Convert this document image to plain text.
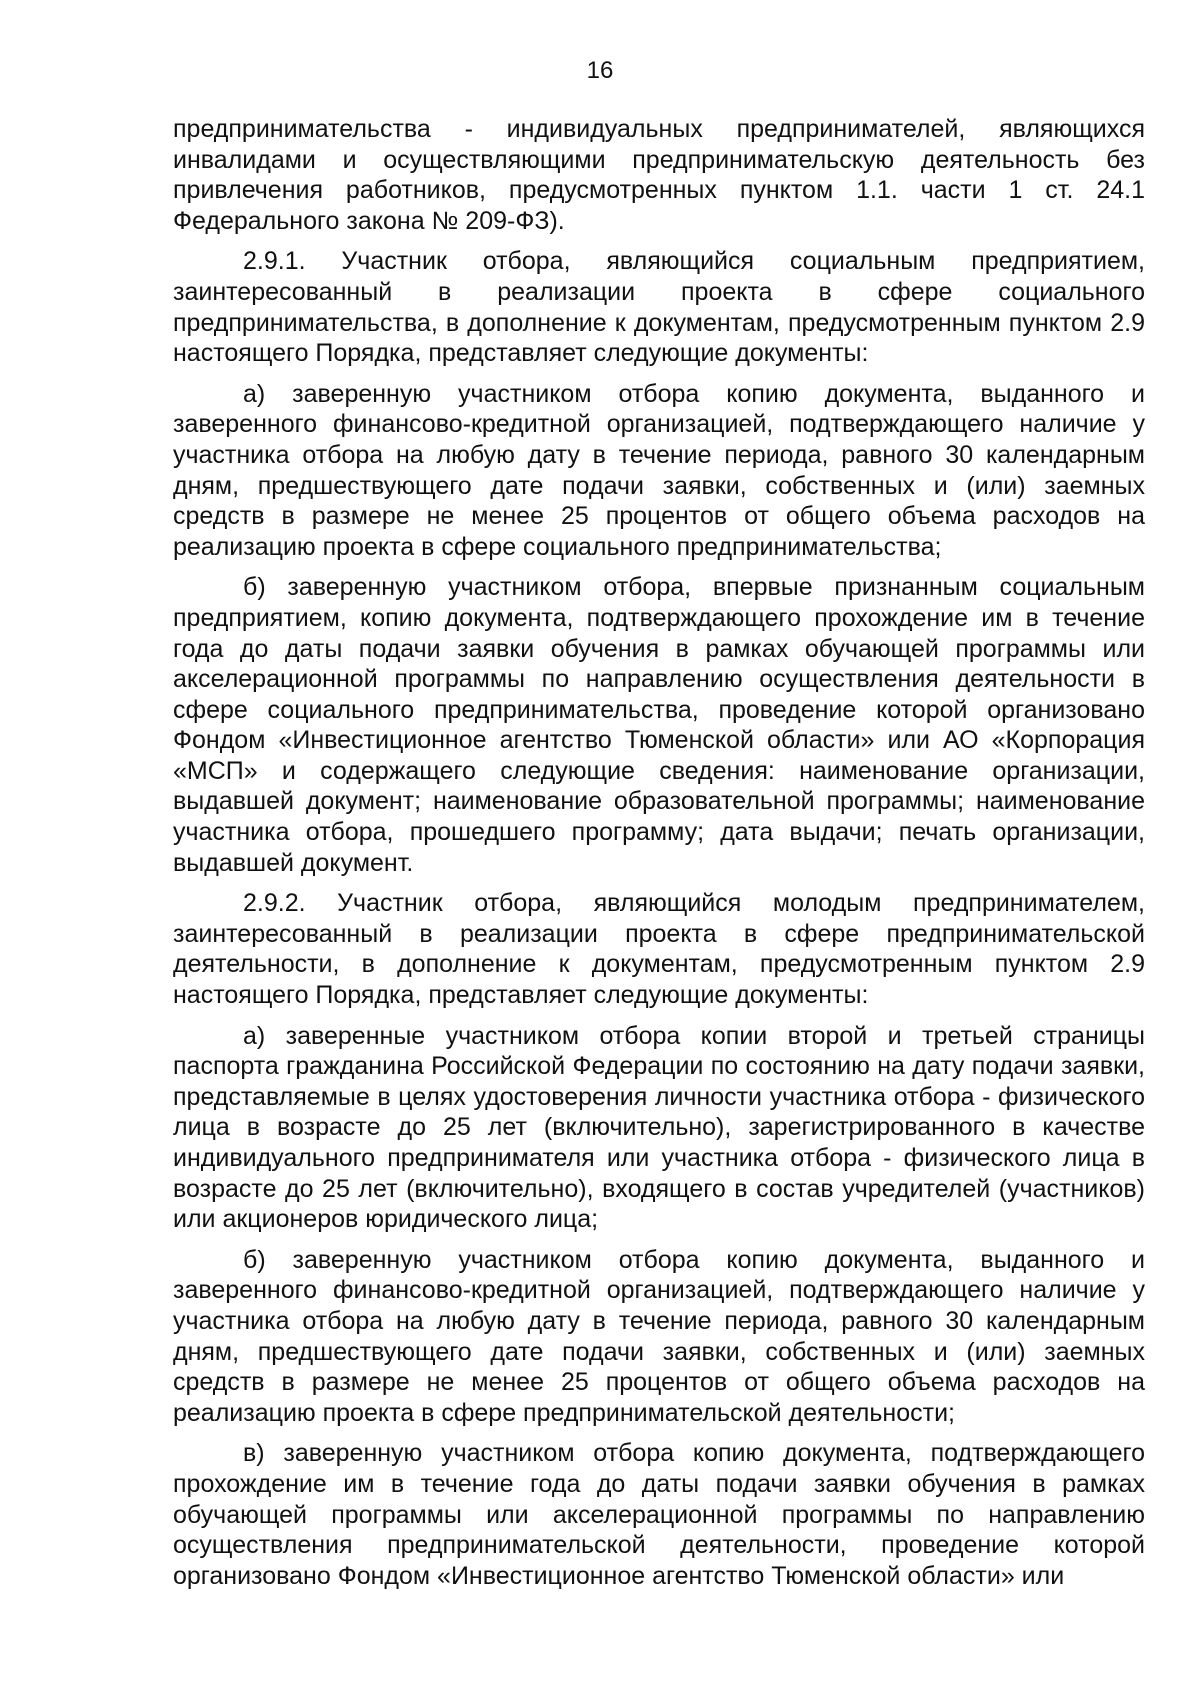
16

предпринимательства - индивидуальных предпринимателей, являющихся инвалидами и осуществляющими предпринимательскую деятельность без привлечения работников, предусмотренных пунктом 1.1. части 1 ст. 24.1 Федерального закона № 209-ФЗ).

2.9.1. Участник отбора, являющийся социальным предприятием, заинтересованный в реализации проекта в сфере социального предпринимательства, в дополнение к документам, предусмотренным пунктом 2.9 настоящего Порядка, представляет следующие документы:

а) заверенную участником отбора копию документа, выданного и заверенного финансово-кредитной организацией, подтверждающего наличие у участника отбора на любую дату в течение периода, равного 30 календарным дням, предшествующего дате подачи заявки, собственных и (или) заемных средств в размере не менее 25 процентов от общего объема расходов на реализацию проекта в сфере социального предпринимательства;

б) заверенную участником отбора, впервые признанным социальным предприятием, копию документа, подтверждающего прохождение им в течение года до даты подачи заявки обучения в рамках обучающей программы или акселерационной программы по направлению осуществления деятельности в сфере социального предпринимательства, проведение которой организовано Фондом «Инвестиционное агентство Тюменской области» или АО «Корпорация «МСП» и содержащего следующие сведения: наименование организации, выдавшей документ; наименование образовательной программы; наименование участника отбора, прошедшего программу; дата выдачи; печать организации, выдавшей документ.

2.9.2. Участник отбора, являющийся молодым предпринимателем, заинтересованный в реализации проекта в сфере предпринимательской деятельности, в дополнение к документам, предусмотренным пунктом 2.9 настоящего Порядка, представляет следующие документы:

а) заверенные участником отбора копии второй и третьей страницы паспорта гражданина Российской Федерации по состоянию на дату подачи заявки, представляемые в целях удостоверения личности участника отбора - физического лица в возрасте до 25 лет (включительно), зарегистрированного в качестве индивидуального предпринимателя или участника отбора - физического лица в возрасте до 25 лет (включительно), входящего в состав учредителей (участников) или акционеров юридического лица;

б) заверенную участником отбора копию документа, выданного и заверенного финансово-кредитной организацией, подтверждающего наличие у участника отбора на любую дату в течение периода, равного 30 календарным дням, предшествующего дате подачи заявки, собственных и (или) заемных средств в размере не менее 25 процентов от общего объема расходов на реализацию проекта в сфере предпринимательской деятельности;

в) заверенную участником отбора копию документа, подтверждающего прохождение им в течение года до даты подачи заявки обучения в рамках обучающей программы или акселерационной программы по направлению осуществления предпринимательской деятельности, проведение которой организовано Фондом «Инвестиционное агентство Тюменской области» или
